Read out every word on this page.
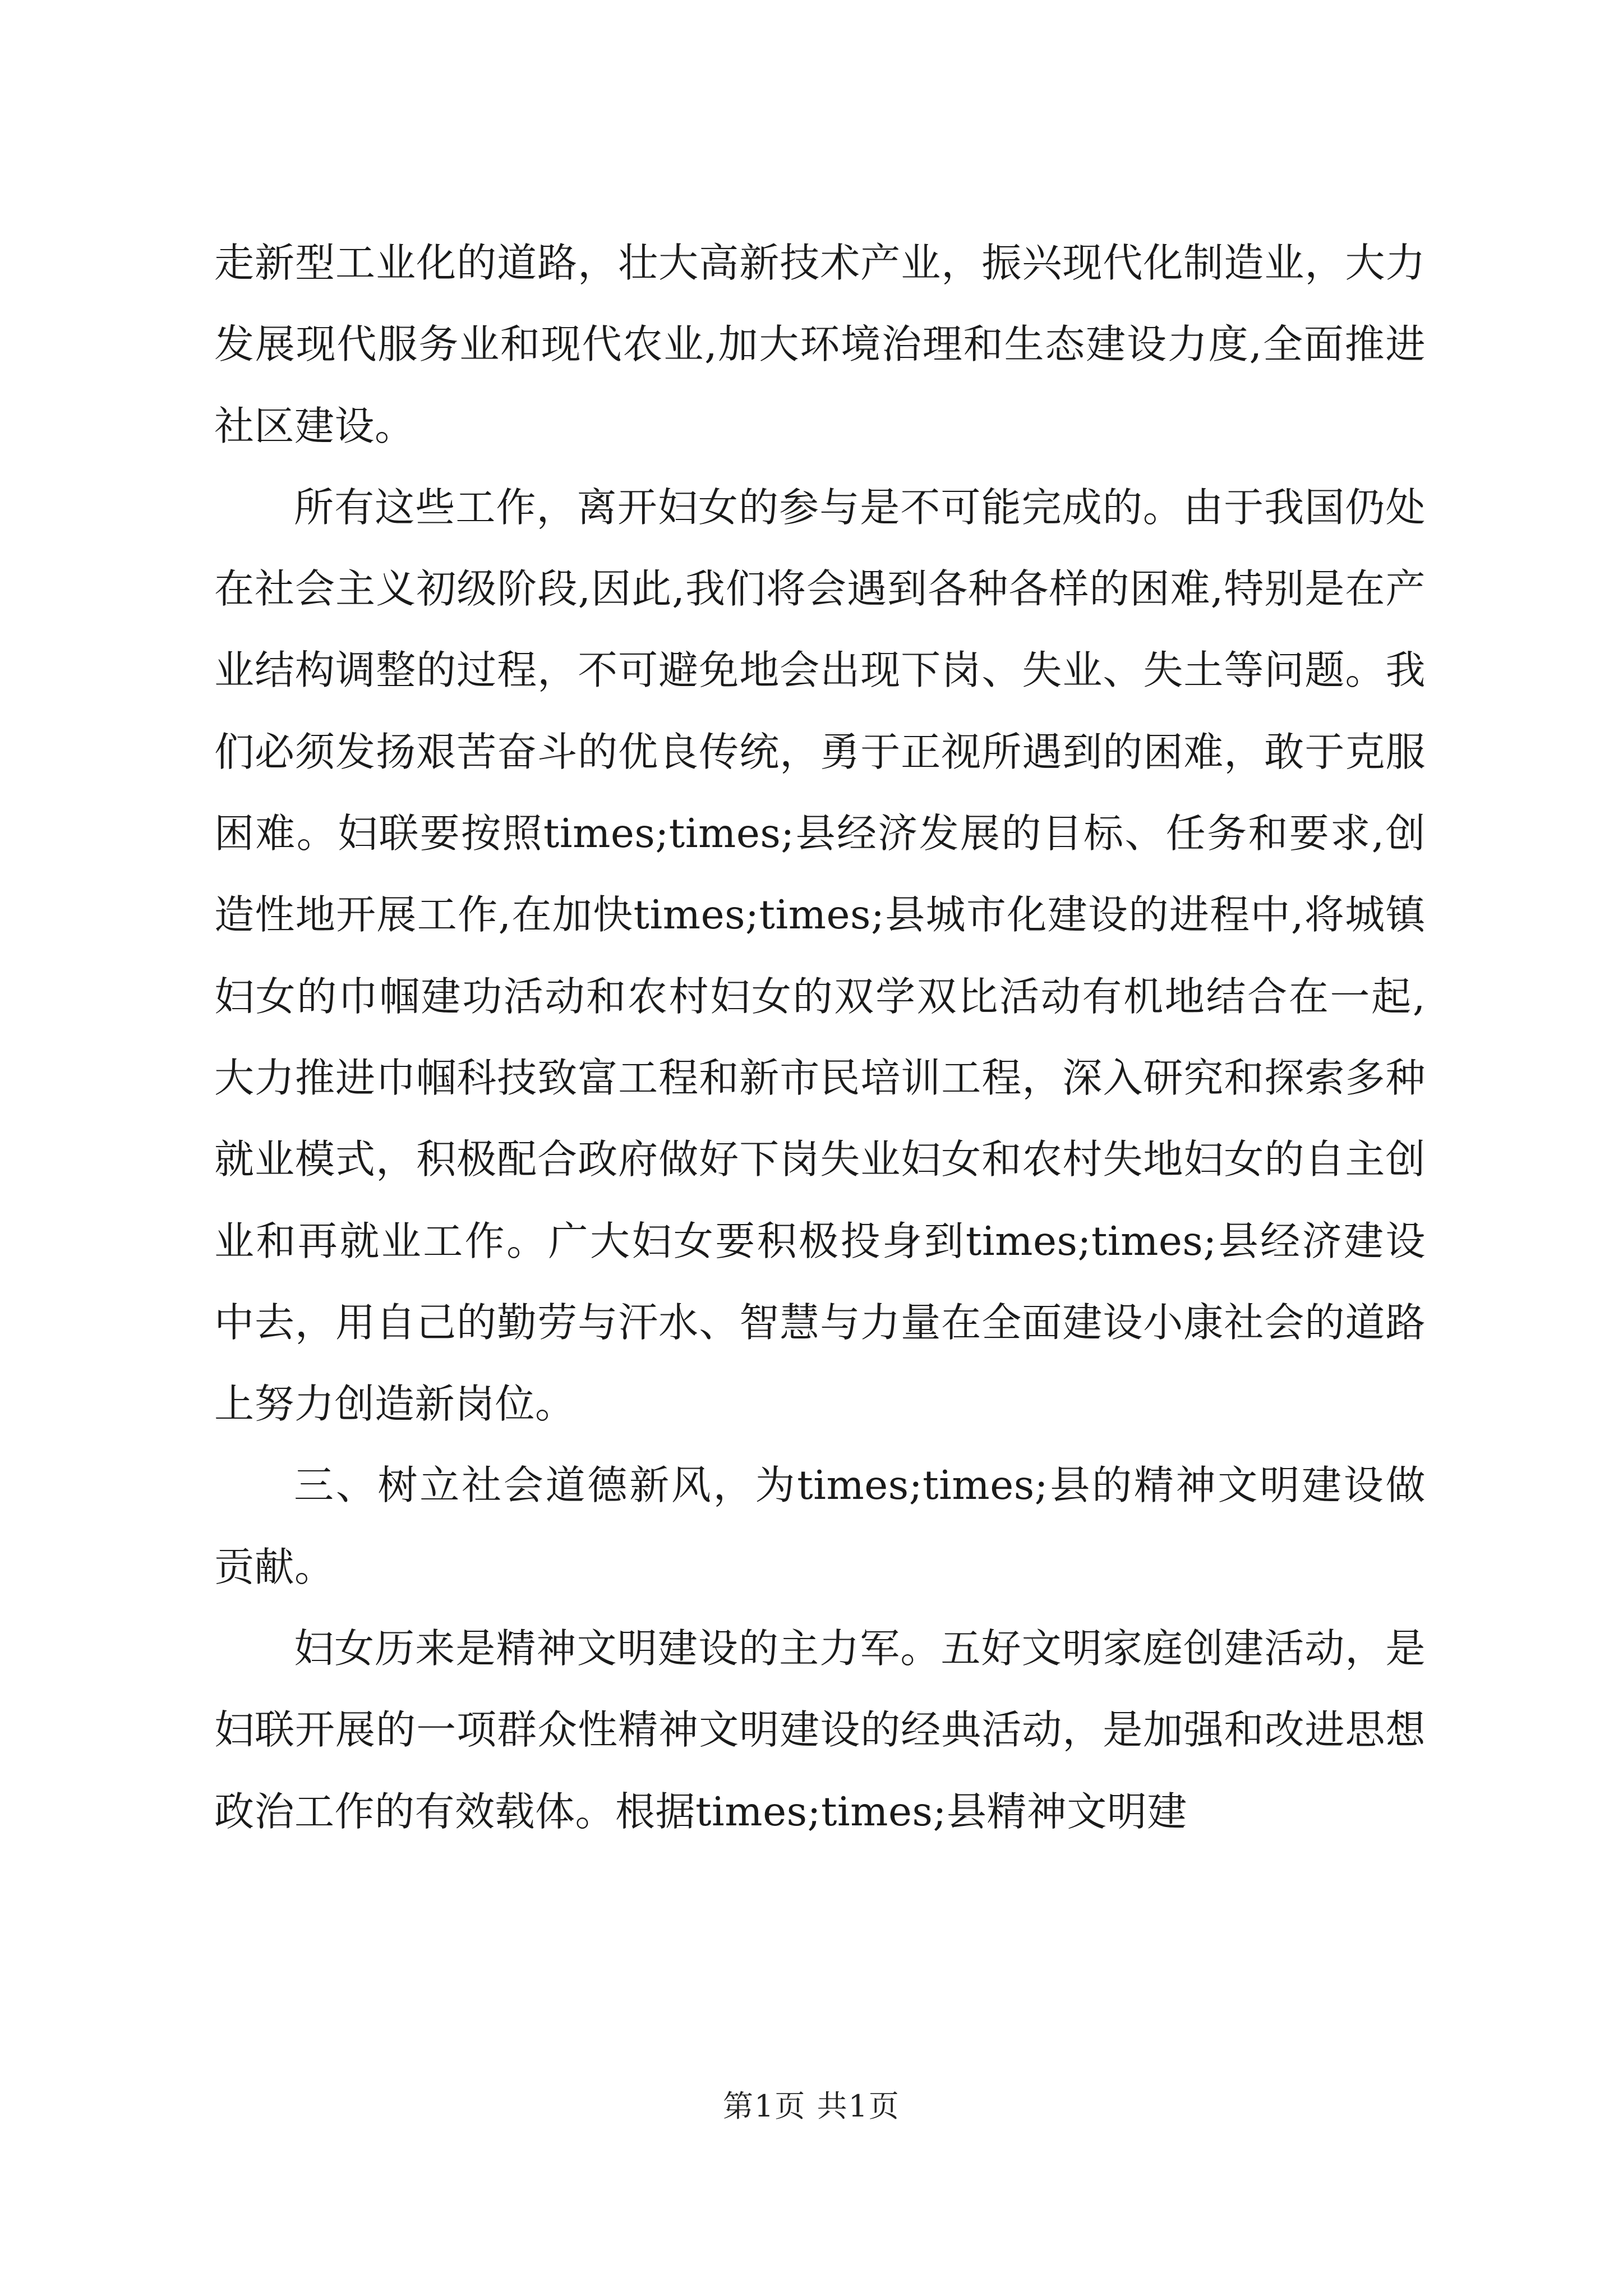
走新型工业化的道路，壮大高新技术产业，振兴现代化制造业，大力发展现代服务业和现代农业,加大环境治理和生态建设力度,全面推进社区建设。

所有这些工作，离开妇女的参与是不可能完成的。由于我国仍处在社会主义初级阶段,因此,我们将会遇到各种各样的困难,特别是在产业结构调整的过程，不可避免地会出现下岗、失业、失土等问题。我们必须发扬艰苦奋斗的优良传统，勇于正视所遇到的困难，敢于克服困难。妇联要按照times;times;县经济发展的目标、任务和要求,创造性地开展工作,在加快times;times;县城市化建设的进程中,将城镇妇女的巾帼建功活动和农村妇女的双学双比活动有机地结合在一起,大力推进巾帼科技致富工程和新市民培训工程，深入研究和探索多种就业模式，积极配合政府做好下岗失业妇女和农村失地妇女的自主创业和再就业工作。广大妇女要积极投身到times;times;县经济建设中去，用自己的勤劳与汗水、智慧与力量在全面建设小康社会的道路上努力创造新岗位。

三、树立社会道德新风，为times;times;县的精神文明建设做贡献。

妇女历来是精神文明建设的主力军。五好文明家庭创建活动，是妇联开展的一项群众性精神文明建设的经典活动，是加强和改进思想政治工作的有效载体。根据times;times;县精神文明建

第1页 共1页
